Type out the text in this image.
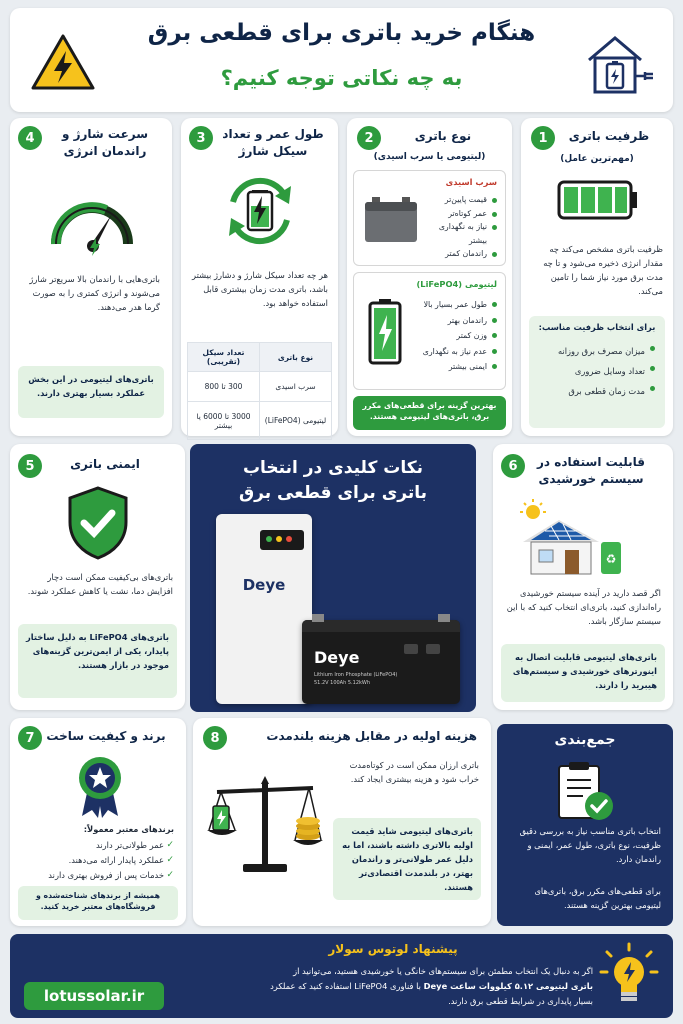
هنگام خرید باتری برای قطعی برق
به چه نکاتی توجه کنیم؟
1	ظرفیت باتری
(مهم‌ترین عامل)
ظرفیت باتری مشخص می‌کند چه مقدار انرژی ذخیره می‌شود و تا چه مدت برق مورد نیاز شما را تامین می‌کند.
برای انتخاب ظرفیت مناسب:
میزان مصرف برق روزانه
تعداد وسایل ضروری
مدت زمان قطعی برق
2	نوع باتری
(لیتیومی یا سرب اسیدی)
سرب اسیدی
قیمت پایین‌تر
عمر کوتاه‌تر
نیاز به نگهداری بیشتر
راندمان کمتر
لیتیومی (LiFePO4)
طول عمر بسیار بالا
راندمان بهتر
وزن کمتر
عدم نیاز به نگهداری
ایمنی بیشتر
بهترین گزینه برای قطعی‌های مکرر برق، باتری‌های لیتیومی هستند.
3	طول عمر و تعداد سیکل شارژ
هر چه تعداد سیکل شارژ و دشارژ بیشتر باشد، باتری مدت زمان بیشتری قابل استفاده خواهد بود.
نوع باتری	تعداد سیکل (تقریبی)
سرب اسیدی	300 تا 800
لیتیومی (LiFePO4)	3000 تا 6000 یا بیشتر
4	سرعت شارژ و راندمان انرژی
باتری‌هایی با راندمان بالا سریع‌تر شارژ می‌شوند و انرژی کمتری را به صورت گرما هدر می‌دهند.
باتری‌های لیتیومی در این بخش عملکرد بسیار بهتری دارند.
5	ایمنی باتری
باتری‌های بی‌کیفیت ممکن است دچار افزایش دما، نشت یا کاهش عملکرد شوند.
باتری‌های LiFePO4 به دلیل ساختار پایدار، یکی از ایمن‌ترین گزینه‌های موجود در بازار هستند.
نکات کلیدی در انتخاب باتری برای قطعی برق
Deye
Deye
Lithium Iron Phosphate (LiFePO4)
51.2V 100Ah 5.12kWh
6	قابلیت استفاده در سیستم خورشیدی
♻
اگر قصد دارید در آینده سیستم خورشیدی راه‌اندازی کنید، باتری‌ای انتخاب کنید که با این سیستم سازگار باشد.
باتری‌های لیتیومی قابلیت اتصال به اینورترهای خورشیدی و سیستم‌های هیبرید را دارند.
7 برند و کیفیت ساخت
برندهای معتبر معمولاً:
✓ عمر طولانی‌تر دارند
✓ عملکرد پایدار ارائه می‌دهند.
✓ خدمات پس از فروش بهتری دارند
همیشه از برندهای شناخته‌شده و فروشگاه‌های معتبر خرید کنید.
8	هزینه اولیه در مقابل هزینه بلندمدت
باتری ارزان ممکن است در کوتاه‌مدت خراب شود و هزینه بیشتری ایجاد کند.
باتری‌های لیتیومی شاید قیمت اولیه بالاتری داشته باشند، اما به دلیل عمر طولانی‌تر و راندمان بهتر، در بلندمدت اقتصادی‌تر هستند.
جمع‌بندی
انتخاب باتری مناسب نیاز به بررسی دقیق ظرفیت، نوع باتری، طول عمر، ایمنی و راندمان دارد.
برای قطعی‌های مکرر برق، باتری‌های لیتیومی بهترین گزینه هستند.
پیشنهاد لوتوس سولار
اگر به دنبال یک انتخاب مطمئن برای سیستم‌های خانگی یا خورشیدی هستید، می‌توانید از
باتری لیتیومی ۵.۱۲ کیلووات ساعت Deye با فناوری LiFePO4 استفاده کنید که عملکرد
بسیار پایداری در شرایط قطعی برق دارند.
lotussolar.ir
